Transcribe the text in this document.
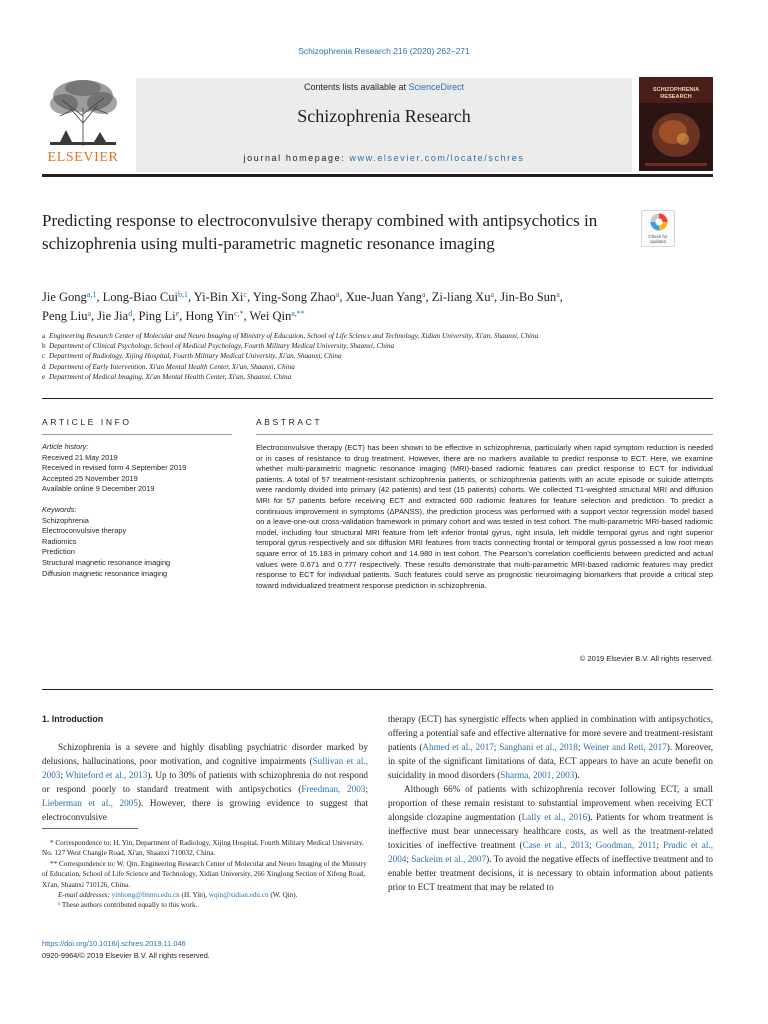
Schizophrenia Research 216 (2020) 262–271
ELSEVIER
Contents lists available at ScienceDirect
Schizophrenia Research
journal homepage: www.elsevier.com/locate/schres
SCHIZOPHRENIA
RESEARCH
Predicting response to electroconvulsive therapy combined with antipsychotics in schizophrenia using multi-parametric magnetic resonance imaging	Check for updates
Jie Gong$^{a,1}$, Long-Biao Cui$^{b,1}$, Yi-Bin Xi$^c$, Ying-Song Zhao$^a$, Xue-Juan Yang$^a$, Zi-liang Xu$^a$, Jin-Bo Sun$^a$,
Peng Liu$^a$, Jie Jia$^d$, Ping Li$^e$, Hong Yin$^{c,*}$, Wei Qin$^{a,**}$
a Engineering Research Center of Molecular and Neuro Imaging of Ministry of Education, School of Life Science and Technology, Xidian University, Xi'an, Shaanxi, China
b Department of Clinical Psychology, School of Medical Psychology, Fourth Military Medical University, Shaanxi, China
c Department of Radiology, Xijing Hospital, Fourth Military Medical University, Xi'an, Shaanxi, China
d Department of Early Intervention, Xi'an Mental Health Center, Xi'an, Shaanxi, China
e Department of Medical Imaging, Xi'an Mental Health Center, Xi'an, Shaanxi, China
ARTICLE INFO	ABSTRACT
Article history:
Received 21 May 2019
Received in revised form 4 September 2019
Accepted 25 November 2019
Available online 9 December 2019
Keywords:
Schizophrenia
Electroconvulsive therapy
Radiomics
Prediction
Structural magnetic resonance imaging
Diffusion magnetic resonance imaging
Electroconvulsive therapy (ECT) has been shown to be effective in schizophrenia, particularly when rapid symptom reduction is needed or in cases of resistance to drug treatment. However, there are no markers available to predict response to ECT. Here, we examine whether multi-parametric magnetic resonance imaging (MRI)-based radiomic features can predict response to ECT for individual patients. A total of 57 treatment-resistant schizophrenia patients, or schizophrenia patients with an acute episode or suicide attempts were randomly divided into primary (42 patients) and test (15 patients) cohorts. We collected T1-weighted structural MRI and diffusion MRI for 57 patients before receiving ECT and extracted 600 radiomic features for feature selection and prediction. To predict a continuous improvement in symptoms (ΔPANSS), the prediction process was performed with a support vector regression model based on a leave-one-out cross-validation framework in primary cohort and was tested in test cohort. The multi-parametric MRI-based radiomic model, including four structural MRI feature from left inferior frontal gyrus, right insula, left middle temporal gyrus and right superior temporal gyrus respectively and six diffusion MRI features from tracts connecting frontal or temporal gyrus possessed a low root mean square error of 15.183 in primary cohort and 14.980 in test cohort. The Pearson's correlation coefficients between predicted and actual values were 0.671 and 0.777 respectively. These results demonstrate that multi-parametric MRI-based radiomic features may predict response to ECT for individual patients. Such features could serve as prognostic neuroimaging biomarkers that provide a critical step toward individualized treatment response prediction in schizophrenia.
© 2019 Elsevier B.V. All rights reserved.
1. Introduction

Schizophrenia is a severe and highly disabling psychiatric disorder marked by delusions, hallucinations, poor motivation, and cognitive impairments (Sullivan et al., 2003; Whiteford et al., 2013). Up to 30% of patients with schizophrenia do not respond or respond poorly to standard treatment with antipsychotics (Freedman, 2003; Lieberman et al., 2005). However, there is growing evidence to suggest that electroconvulsive

* Correspondence to: H. Yin, Department of Radiology, Xijing Hospital, Fourth Military Medical University, No. 127 West Changle Road, Xi'an, Shaanxi 710032, China.

** Correspondence to: W. Qin, Engineering Research Center of Molecular and Neuro Imaging of the Ministry of Education, School of Life Science and Technology, Xidian University, 266 Xinglong Section of Xifeng Road, Xi'an, Shaanxi 710126, China.

E-mail addresses: yinhong@fmmu.edu.cn (H. Yin), wqin@xidian.edu.cn (W. Qin).

¹ These authors contributed equally to this work.

https://doi.org/10.1016/j.schres.2019.11.046
0920-9964/© 2019 Elsevier B.V. All rights reserved.

therapy (ECT) has synergistic effects when applied in combination with antipsychotics, offering a potential safe and effective alternative for more severe and treatment-resistant patients (Ahmed et al., 2017; Sanghani et al., 2018; Weiner and Reti, 2017). Moreover, in spite of the significant limitations of data, ECT appears to have an acute benefit on suicidality in mood disorders (Sharma, 2001, 2003).

Although 66% of patients with schizophrenia recover following ECT, a small proportion of these remain resistant to substantial improvement when receiving ECT alongside clozapine augmentation (Lally et al., 2016). Patients for whom treatment is ineffective must bear unnecessary healthcare costs, as well as the treatment-related toxicities of ineffective treatment (Case et al., 2013; Goodman, 2011; Prudic et al., 2004; Sackeim et al., 2007). To avoid the negative effects of ineffective treatment and to enable better treatment decisions, it is necessary to obtain information about patients prior to ECT treatment that may be related to
